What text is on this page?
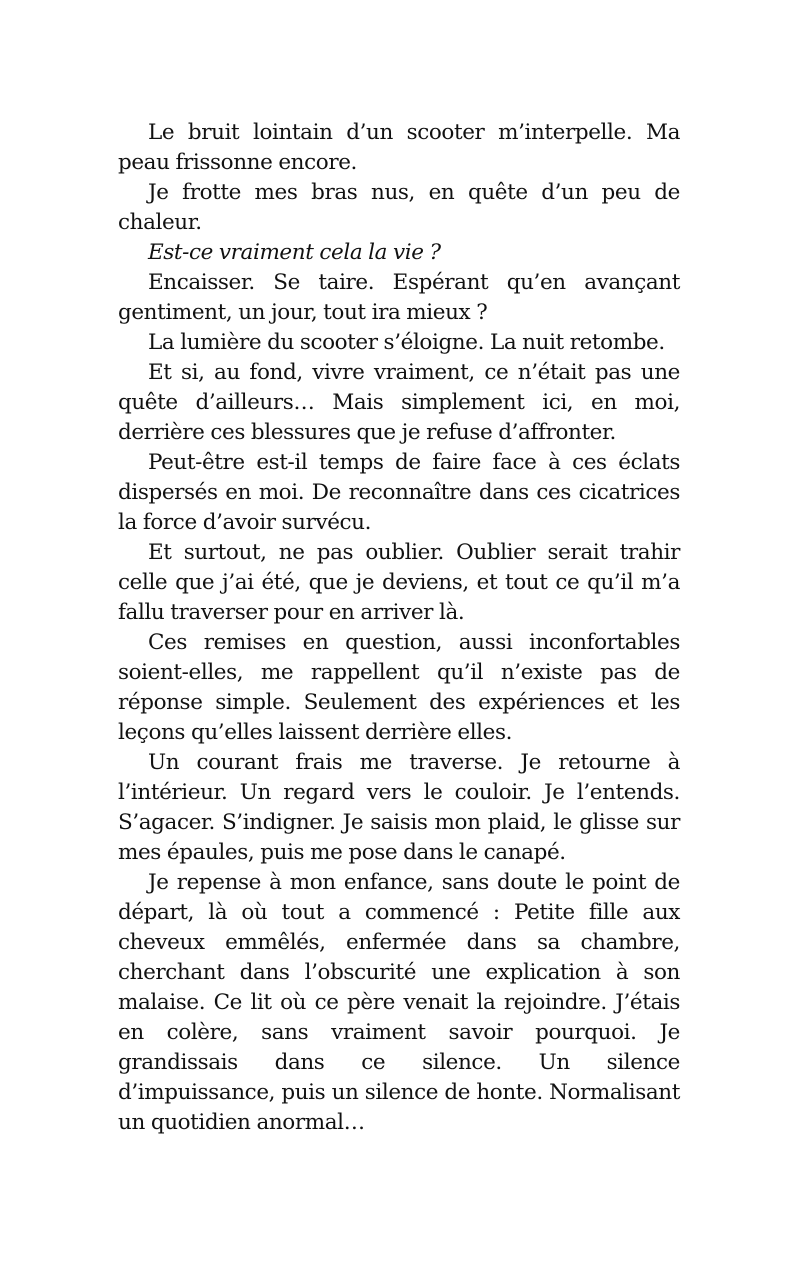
Le bruit lointain d’un scooter m’interpelle. Ma peau frissonne encore.

Je frotte mes bras nus, en quête d’un peu de chaleur.

Est-ce vraiment cela la vie ?

Encaisser. Se taire. Espérant qu’en avançant gentiment, un jour, tout ira mieux ?

La lumière du scooter s’éloigne. La nuit retombe.

Et si, au fond, vivre vraiment, ce n’était pas une quête d’ailleurs… Mais simplement ici, en moi, derrière ces blessures que je refuse d’affronter.

Peut-être est-il temps de faire face à ces éclats dispersés en moi. De reconnaître dans ces cicatrices la force d’avoir survécu.

Et surtout, ne pas oublier. Oublier serait trahir celle que j’ai été, que je deviens, et tout ce qu’il m’a fallu traverser pour en arriver là.

Ces remises en question, aussi inconfortables soient-elles, me rappellent qu’il n’existe pas de réponse simple. Seulement des expériences et les leçons qu’elles laissent derrière elles.

Un courant frais me traverse. Je retourne à l’intérieur. Un regard vers le couloir. Je l’entends. S’agacer. S’indigner. Je saisis mon plaid, le glisse sur mes épaules, puis me pose dans le canapé.

Je repense à mon enfance, sans doute le point de départ, là où tout a commencé : Petite fille aux cheveux emmêlés, enfermée dans sa chambre, cherchant dans l’obscurité une explication à son malaise. Ce lit où ce père venait la rejoindre. J’étais en colère, sans vraiment savoir pourquoi. Je grandissais dans ce silence. Un silence d’impuissance, puis un silence de honte. Normalisant un quotidien anormal…
